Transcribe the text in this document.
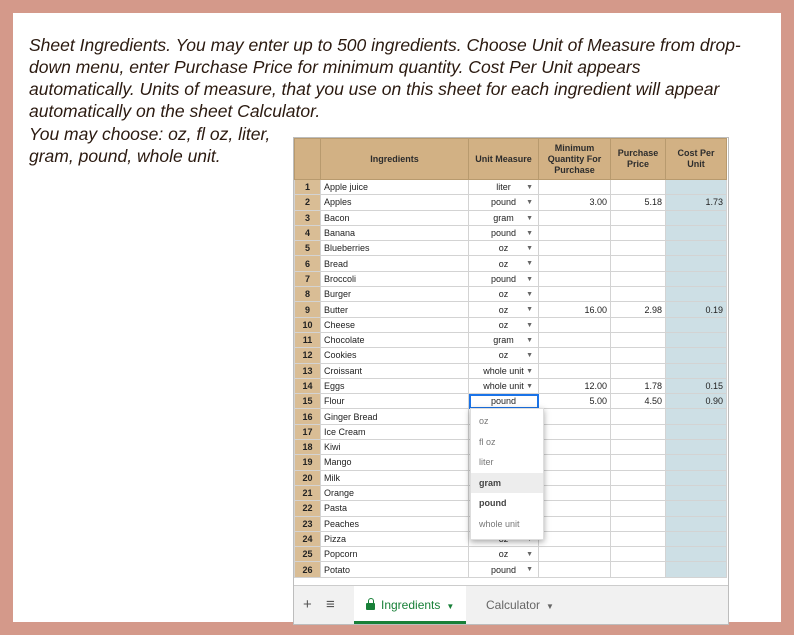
Sheet Ingredients. You may enter up to 500 ingredients. Choose Unit of Measure from drop-down menu, enter Purchase Price for minimum quantity. Cost Per Unit appears automatically. Units of measure, that you use on this sheet for each ingredient will appear automatically on the sheet Calculator.

You may choose: oz, fl oz, liter, gram, pound, whole unit.

		Ingredients	Unit Measure	Minimum Quantity For Purchase	Purchase Price	Cost Per Unit
1	Apple juice	liter ▼			

2	Apples	pound ▼	3.00	5.18	1.73
3	Bacon	gram ▼			

4	Banana	pound ▼			

5	Blueberries	oz ▼			

6	Bread	oz ▼			

7	Broccoli	pound ▼			

8	Burger	oz ▼			

9	Butter	oz ▼	16.00	2.98	0.19
10	Cheese	oz ▼			

11	Chocolate	gram ▼			

12	Cookies	oz ▼			

13	Croissant	whole unit ▼			

14	Eggs	whole unit ▼	12.00	1.78	0.15
15	Flour	pound	5.00	4.50	0.90
16	Ginger Bread				
17	Ice Cream				
18	Kiwi				
19	Mango				
20	Milk				
21	Orange				
22	Pasta				
23	Peaches				
24	Pizza	

25	Popcorn	oz ▼			

26	Potato	pound ▼			

oz
fl oz
liter
gram
pound
whole unit
+ ≡	Ingredients ▼	Calculator ▼
